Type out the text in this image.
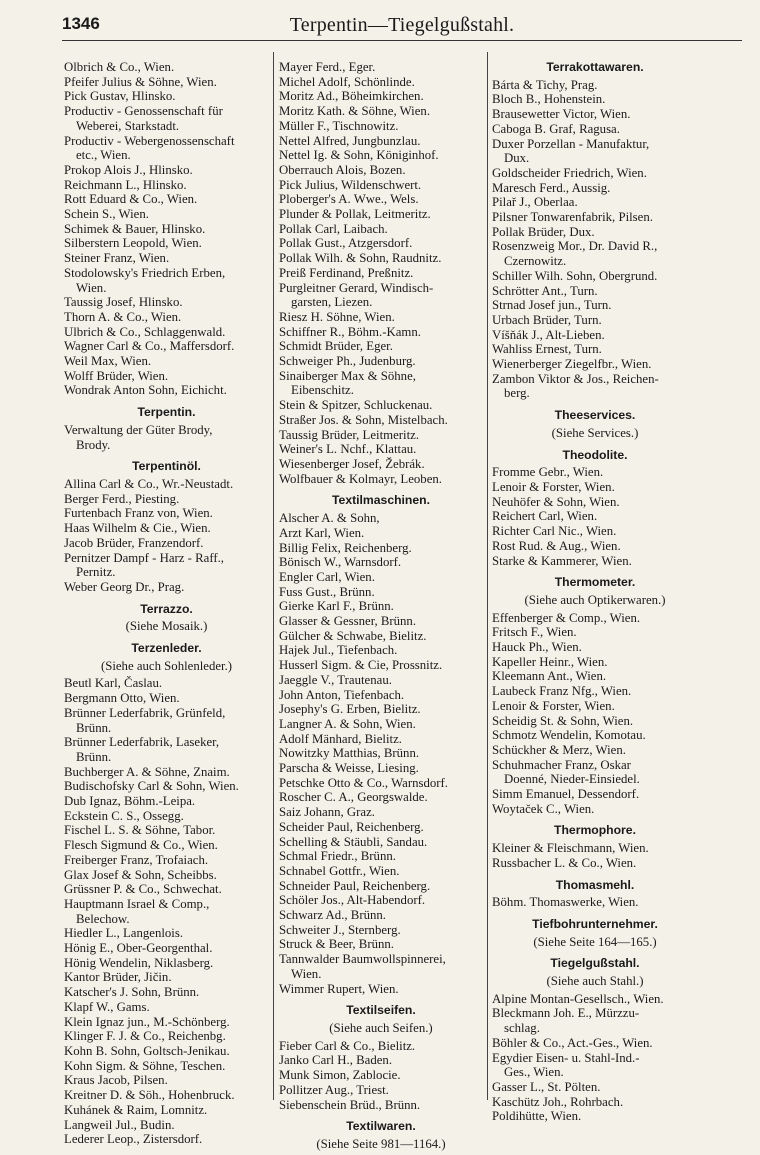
1346	Terpentin—Tiegelgußstahl.
Olbrich & Co., Wien.
Pfeifer Julius & Söhne, Wien.
Pick Gustav, Hlinsko.
Productiv - Genossenschaft für
Weberei, Starkstadt.
Productiv - Webergenossenschaft
etc., Wien.
Prokop Alois J., Hlinsko.
Reichmann L., Hlinsko.
Rott Eduard & Co., Wien.
Schein S., Wien.
Schimek & Bauer, Hlinsko.
Silberstern Leopold, Wien.
Steiner Franz, Wien.
Stodolowsky's Friedrich Erben,
Wien.
Taussig Josef, Hlinsko.
Thorn A. & Co., Wien.
Ulbrich & Co., Schlaggenwald.
Wagner Carl & Co., Maffersdorf.
Weil Max, Wien.
Wolff Brüder, Wien.
Wondrak Anton Sohn, Eichicht.
Terpentin.
Verwaltung der Güter Brody,
Brody.
Terpentinöl.
Allina Carl & Co., Wr.-Neustadt.
Berger Ferd., Piesting.
Furtenbach Franz von, Wien.
Haas Wilhelm & Cie., Wien.
Jacob Brüder, Franzendorf.
Pernitzer Dampf - Harz - Raff.,
Pernitz.
Weber Georg Dr., Prag.
Terrazzo.
(Siehe Mosaik.)
Terzenleder.
(Siehe auch Sohlenleder.)
Beutl Karl, Časlau.
Bergmann Otto, Wien.
Brünner Lederfabrik, Grünfeld,
Brünn.
Brünner Lederfabrik, Laseker,
Brünn.
Buchberger A. & Söhne, Znaim.
Budischofsky Carl & Sohn, Wien.
Dub Ignaz, Böhm.-Leipa.
Eckstein C. S., Ossegg.
Fischel L. S. & Söhne, Tabor.
Flesch Sigmund & Co., Wien.
Freiberger Franz, Trofaiach.
Glax Josef & Sohn, Scheibbs.
Grüssner P. & Co., Schwechat.
Hauptmann Israel & Comp.,
Belechow.
Hiedler L., Langenlois.
Hönig E., Ober-Georgenthal.
Hönig Wendelin, Niklasberg.
Kantor Brüder, Jičin.
Katscher's J. Sohn, Brünn.
Klapf W., Gams.
Klein Ignaz jun., M.-Schönberg.
Klinger F. J. & Co., Reichenbg.
Kohn B. Sohn, Goltsch-Jenikau.
Kohn Sigm. & Söhne, Teschen.
Kraus Jacob, Pilsen.
Kreitner D. & Söh., Hohenbruck.
Kuhánek & Raim, Lomnitz.
Langweil Jul., Budin.
Lederer Leop., Zistersdorf.
Mayer Ferd., Eger.
Michel Adolf, Schönlinde.
Moritz Ad., Böheimkirchen.
Moritz Kath. & Söhne, Wien.
Müller F., Tischnowitz.
Nettel Alfred, Jungbunzlau.
Nettel Ig. & Sohn, Königinhof.
Oberrauch Alois, Bozen.
Pick Julius, Wildenschwert.
Ploberger's A. Wwe., Wels.
Plunder & Pollak, Leitmeritz.
Pollak Carl, Laibach.
Pollak Gust., Atzgersdorf.
Pollak Wilh. & Sohn, Raudnitz.
Preiß Ferdinand, Preßnitz.
Purgleitner Gerard, Windisch-
garsten, Liezen.
Riesz H. Söhne, Wien.
Schiffner R., Böhm.-Kamn.
Schmidt Brüder, Eger.
Schweiger Ph., Judenburg.
Sinaiberger Max & Söhne,
Eibenschitz.
Stein & Spitzer, Schluckenau.
Straßer Jos. & Sohn, Mistelbach.
Taussig Brüder, Leitmeritz.
Weiner's L. Nchf., Klattau.
Wiesenberger Josef, Žebrák.
Wolfbauer & Kolmayr, Leoben.
Textilmaschinen.
Alscher A. & Sohn,
Arzt Karl, Wien.
Billig Felix, Reichenberg.
Bönisch W., Warnsdorf.
Engler Carl, Wien.
Fuss Gust., Brünn.
Gierke Karl F., Brünn.
Glasser & Gessner, Brünn.
Gülcher & Schwabe, Bielitz.
Hajek Jul., Tiefenbach.
Husserl Sigm. & Cie, Prossnitz.
Jaeggle V., Trautenau.
John Anton, Tiefenbach.
Josephy's G. Erben, Bielitz.
Langner A. & Sohn, Wien.
Adolf Mänhard, Bielitz.
Nowitzky Matthias, Brünn.
Parscha & Weisse, Liesing.
Petschke Otto & Co., Warnsdorf.
Roscher C. A., Georgswalde.
Saiz Johann, Graz.
Scheider Paul, Reichenberg.
Schelling & Stäubli, Sandau.
Schmal Friedr., Brünn.
Schnabel Gottfr., Wien.
Schneider Paul, Reichenberg.
Schöler Jos., Alt-Habendorf.
Schwarz Ad., Brünn.
Schweiter J., Sternberg.
Struck & Beer, Brünn.
Tannwalder Baumwollspinnerei,
Wien.
Wimmer Rupert, Wien.
Textilseifen.
(Siehe auch Seifen.)
Fieber Carl & Co., Bielitz.
Janko Carl H., Baden.
Munk Simon, Zablocie.
Pollitzer Aug., Triest.
Siebenschein Brüd., Brünn.
Textilwaren.
(Siehe Seite 981—1164.)
Terrakottawaren.
Bárta & Tichy, Prag.
Bloch B., Hohenstein.
Brausewetter Victor, Wien.
Caboga B. Graf, Ragusa.
Duxer Porzellan - Manufaktur,
Dux.
Goldscheider Friedrich, Wien.
Maresch Ferd., Aussig.
Pilař J., Oberlaa.
Pilsner Tonwarenfabrik, Pilsen.
Pollak Brüder, Dux.
Rosenzweig Mor., Dr. David R.,
Czernowitz.
Schiller Wilh. Sohn, Obergrund.
Schrötter Ant., Turn.
Strnad Josef jun., Turn.
Urbach Brüder, Turn.
Víšňák J., Alt-Lieben.
Wahliss Ernest, Turn.
Wienerberger Ziegelfbr., Wien.
Zambon Viktor & Jos., Reichen-
berg.
Theeservices.
(Siehe Services.)
Theodolite.
Fromme Gebr., Wien.
Lenoir & Forster, Wien.
Neuhöfer & Sohn, Wien.
Reichert Carl, Wien.
Richter Carl Nic., Wien.
Rost Rud. & Aug., Wien.
Starke & Kammerer, Wien.
Thermometer.
(Siehe auch Optikerwaren.)
Effenberger & Comp., Wien.
Fritsch F., Wien.
Hauck Ph., Wien.
Kapeller Heinr., Wien.
Kleemann Ant., Wien.
Laubeck Franz Nfg., Wien.
Lenoir & Forster, Wien.
Scheidig St. & Sohn, Wien.
Schmotz Wendelin, Komotau.
Schückher & Merz, Wien.
Schuhmacher Franz, Oskar
Doenné, Nieder-Einsiedel.
Simm Emanuel, Dessendorf.
Woytaček C., Wien.
Thermophore.
Kleiner & Fleischmann, Wien.
Russbacher L. & Co., Wien.
Thomasmehl.
Böhm. Thomaswerke, Wien.
Tiefbohrunternehmer.
(Siehe Seite 164—165.)
Tiegelgußstahl.
(Siehe auch Stahl.)
Alpine Montan-Gesellsch., Wien.
Bleckmann Joh. E., Mürzzu-
schlag.
Böhler & Co., Act.-Ges., Wien.
Egydier Eisen- u. Stahl-Ind.-
Ges., Wien.
Gasser L., St. Pölten.
Kaschütz Joh., Rohrbach.
Poldihütte, Wien.
